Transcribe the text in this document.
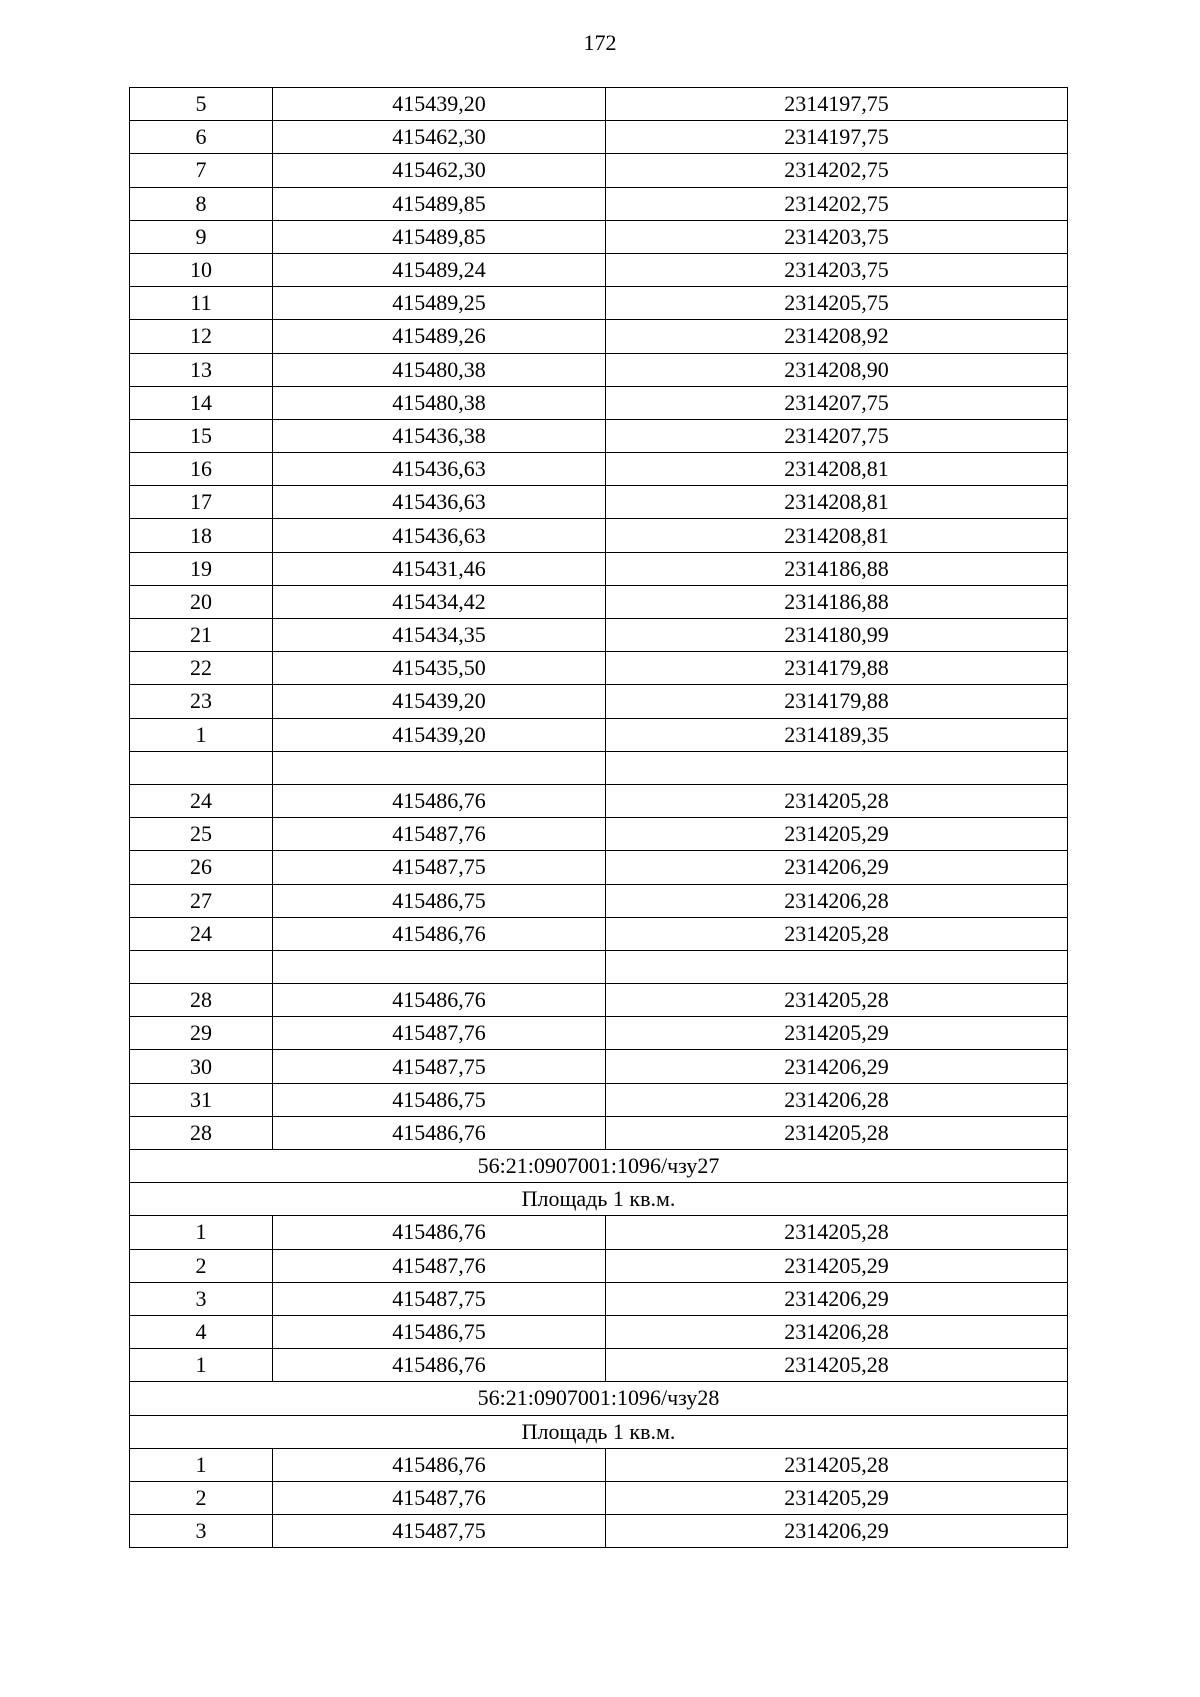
172
5	415439,20	2314197,75
6	415462,30	2314197,75
7	415462,30	2314202,75
8	415489,85	2314202,75
9	415489,85	2314203,75
10	415489,24	2314203,75
11	415489,25	2314205,75
12	415489,26	2314208,92
13	415480,38	2314208,90
14	415480,38	2314207,75
15	415436,38	2314207,75
16	415436,63	2314208,81
17	415436,63	2314208,81
18	415436,63	2314208,81
19	415431,46	2314186,88
20	415434,42	2314186,88
21	415434,35	2314180,99
22	415435,50	2314179,88
23	415439,20	2314179,88
1	415439,20	2314189,35

24	415486,76	2314205,28
25	415487,76	2314205,29
26	415487,75	2314206,29
27	415486,75	2314206,28
24	415486,76	2314205,28

28	415486,76	2314205,28
29	415487,76	2314205,29
30	415487,75	2314206,29
31	415486,75	2314206,28
28	415486,76	2314205,28
56:21:0907001:1096/чзу27		
Площадь 1 кв.м.		
1	415486,76	2314205,28
2	415487,76	2314205,29
3	415487,75	2314206,29
4	415486,75	2314206,28
1	415486,76	2314205,28
56:21:0907001:1096/чзу28		
Площадь 1 кв.м.		
1	415486,76	2314205,28
2	415487,76	2314205,29
3	415487,75	2314206,29
